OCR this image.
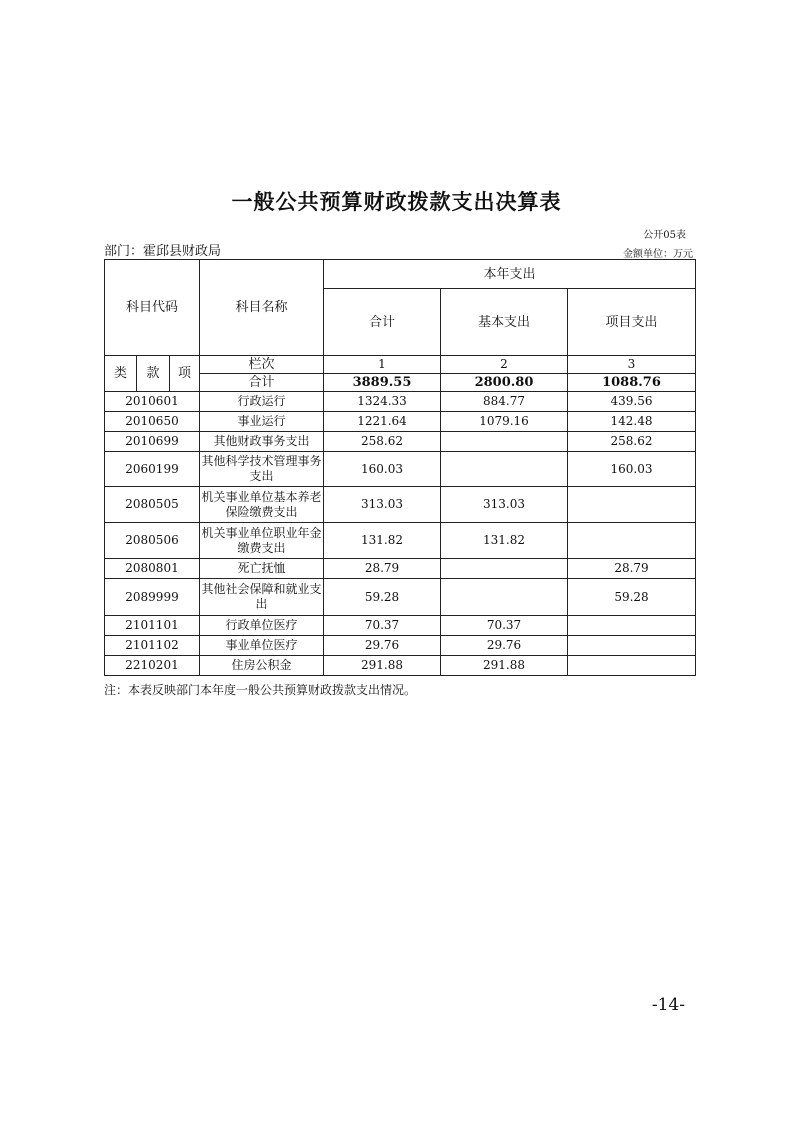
一般公共预算财政拨款支出决算表
公开05表
部门：霍邱县财政局	金额单位：万元
科目代码			科目名称	本年支出		
				合计	基本支出	项目支出
类	款	项	栏次	1	2	3
			合计	3889.55	2800.80	1088.76
2010601			行政运行	1324.33	884.77	439.56
2010650			事业运行	1221.64	1079.16	142.48
2010699			其他财政事务支出	258.62		258.62
2060199			其他科学技术管理事务支出	160.03		160.03
2080505			机关事业单位基本养老保险缴费支出	313.03	313.03	
2080506			机关事业单位职业年金缴费支出	131.82	131.82	
2080801			死亡抚恤	28.79		28.79
2089999			其他社会保障和就业支出	59.28		59.28
2101101			行政单位医疗	70.37	70.37	
2101102			事业单位医疗	29.76	29.76	
2210201			住房公积金	291.88	291.88	
注：本表反映部门本年度一般公共预算财政拨款支出情况。
-14-
